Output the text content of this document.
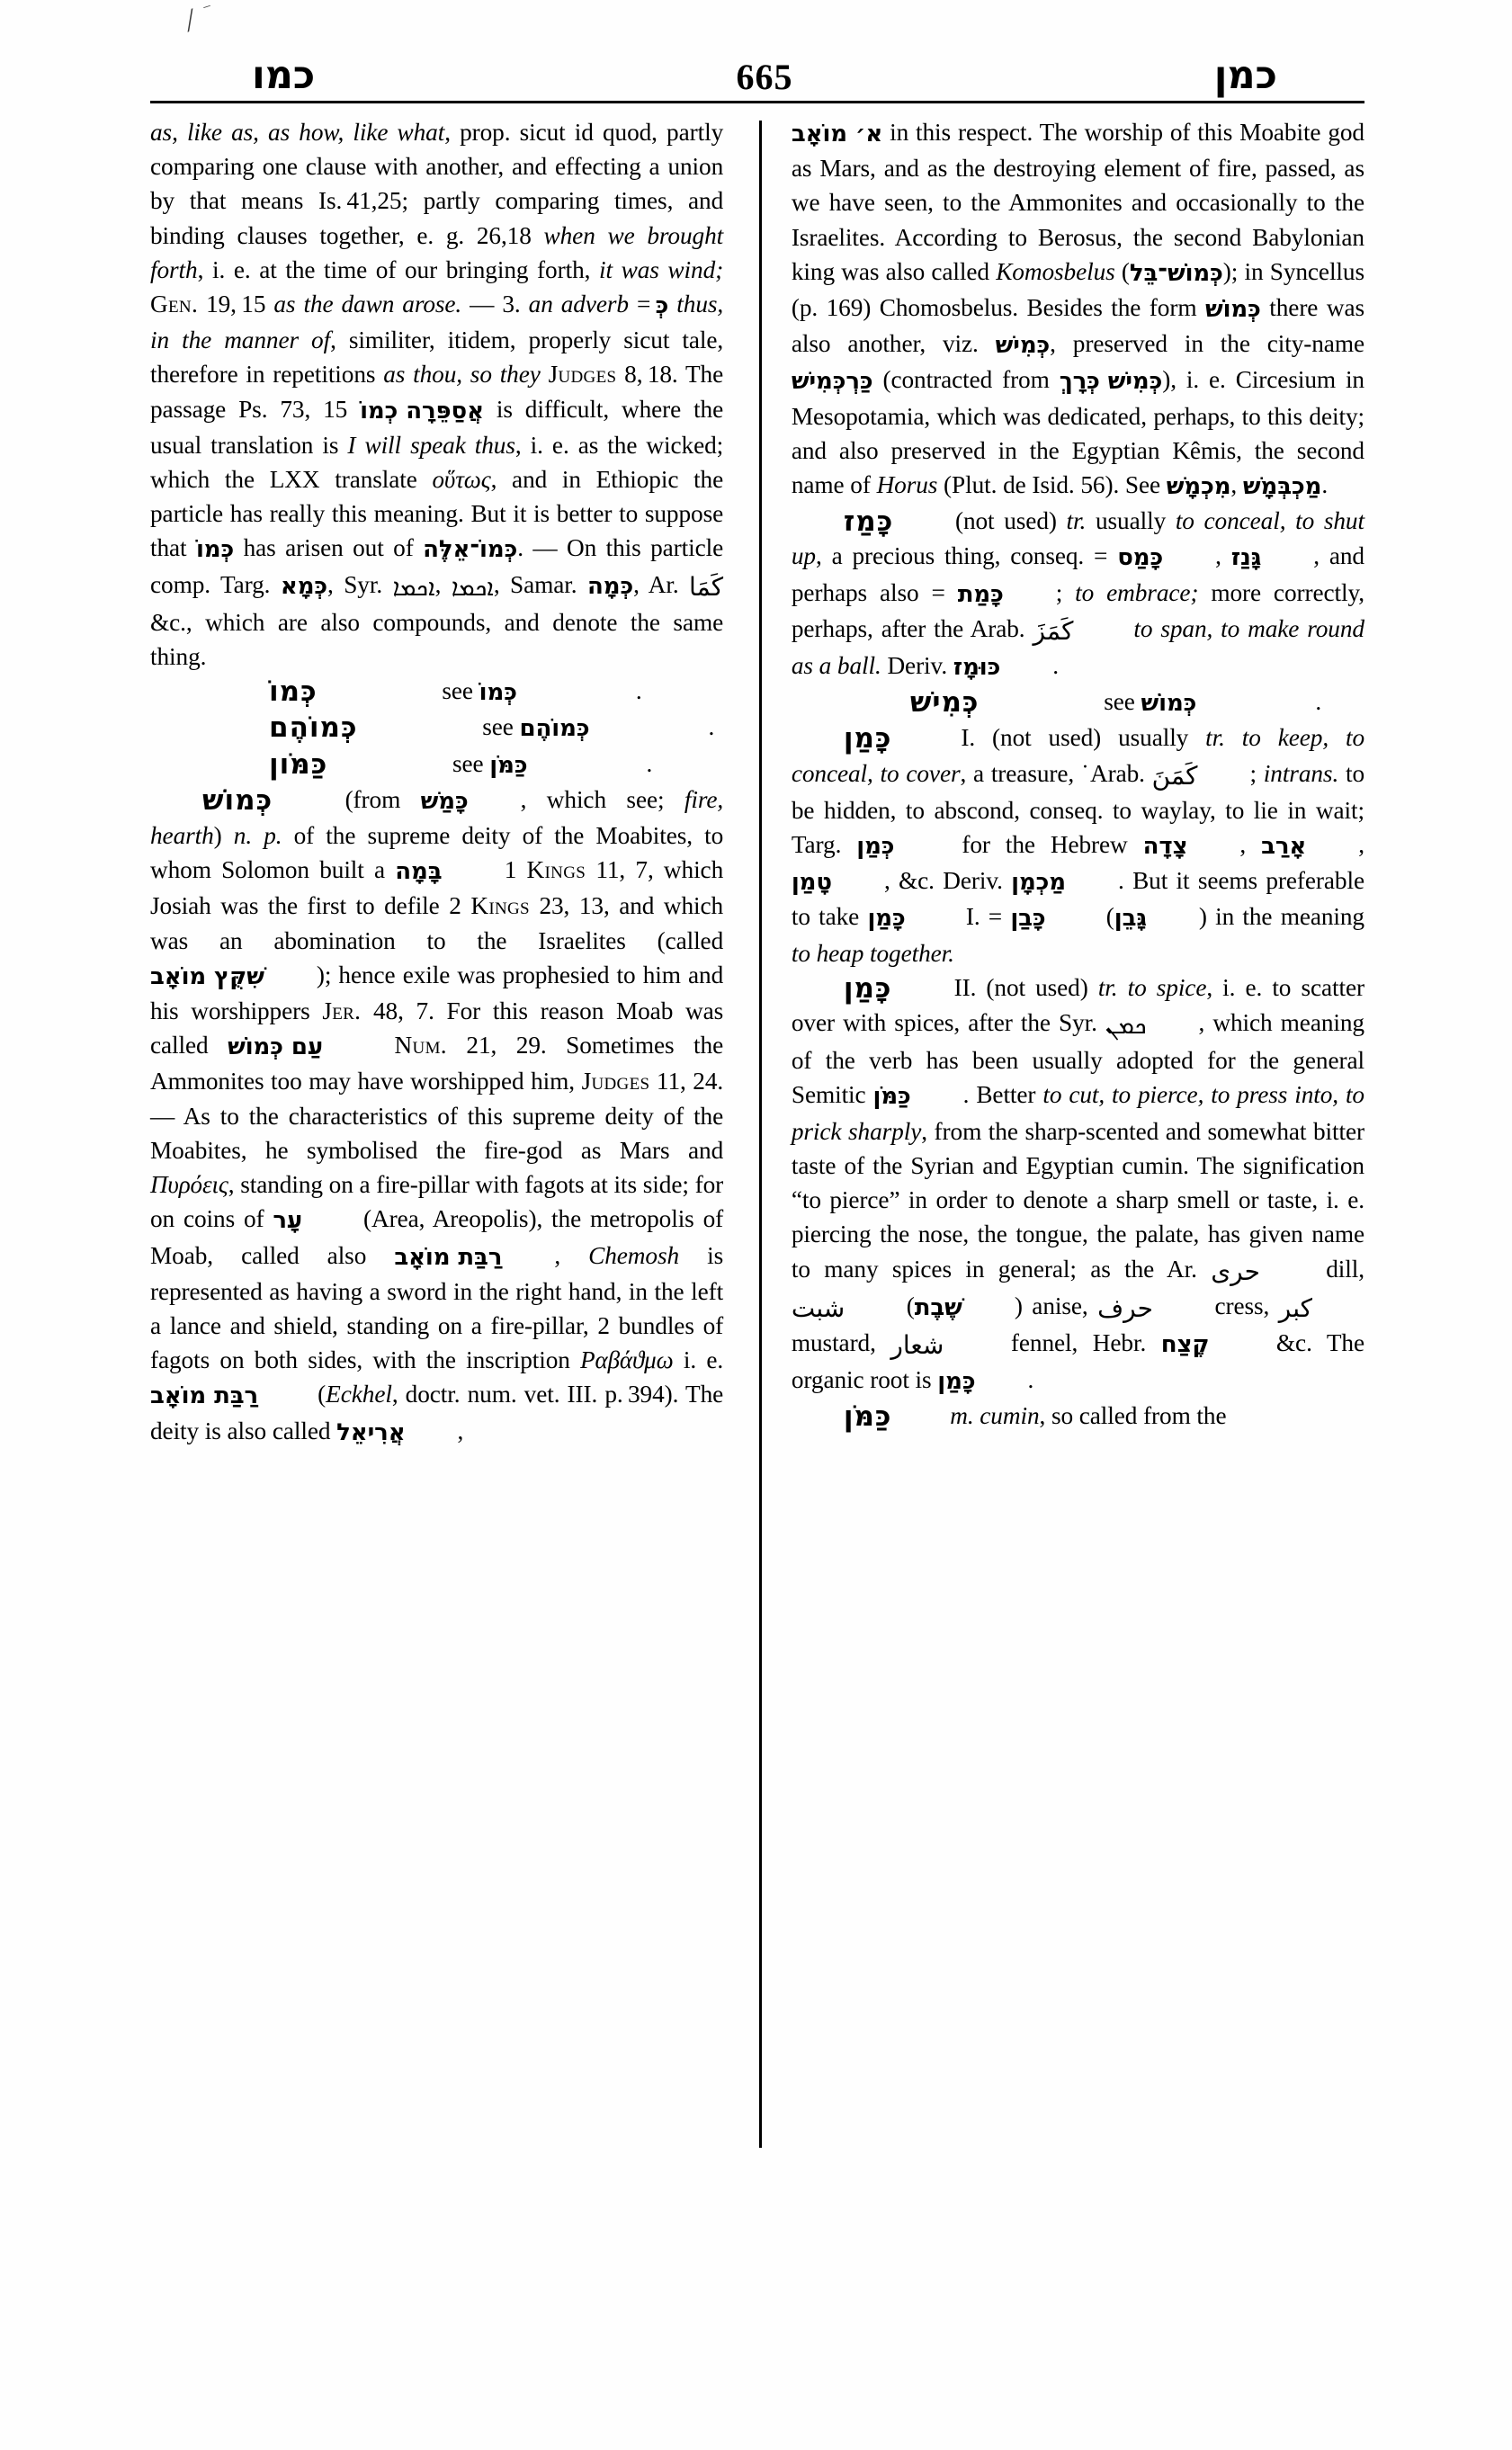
╱ ‾
כמו	665	כמן

as, like as, as how, like what, prop. sicut id quod, partly comparing one clause with another, and effecting a union by that means Is. 41,25; partly comparing times, and binding clauses together, e. g. 26,18 when we brought forth, i. e. at the time of our bringing forth, it was wind; Gen. 19, 15 as the dawn arose. — 3. an adverb = כְּ thus, in the manner of, similiter, itidem, properly sicut tale, therefore in repetitions as thou, so they Judges 8, 18. The passage Ps. 73, 15 אֲסַפֵּרָה כְמוֹ is difficult, where the usual translation is I will speak thus, i. e. as the wicked; which the LXX translate οὕτως, and in Ethiopic the particle has really this meaning. But it is better to suppose that כְּמוֹ has arisen out of כְּמוֹ־אֵלֶּה. — On this particle comp. Targ. כְּמָא, Syr. ܐܟܡܐ, ܐܟܡܐ, Samar. כְּמָה, Ar. كَمَا &c., which are also compounds, and denote the same thing.

כְּמוֹ	see כְּמוֹ	.

כְּמוֹהֶם	see כְּמוֹהֶם	.

כַּמֹּון	see כַּמֹּן	.

כְּמוֹשׁ (from כָּמַשׁ , which see; fire, hearth) n. p. of the supreme deity of the Moabites, to whom Solomon built a בָּמָה 1 Kings 11, 7, which Josiah was the first to defile 2 Kings 23, 13, and which was an abomination to the Israelites (called שִׁקֻּץ מוֹאָב ); hence exile was prophesied to him and his worshippers Jer. 48, 7. For this reason Moab was called עַם כְּמוֹשׁ	Num. 21, 29. Sometimes the Ammonites too may have worshipped him, Judges 11, 24. — As to the characteristics of this supreme deity of the Moabites, he symbolised the fire-god as Mars and Πυρόεις, standing on a fire-pillar with fagots at its side; for on coins of עָר (Area, Areopolis), the metropolis of Moab, called also רַבַּת מוֹאָב , Chemosh is represented as having a sword in the right hand, in the left a lance and shield, standing on a fire-pillar, 2 bundles of fagots on both sides, with the inscription Ραβάϑμω i. e. רַבַּת מוֹאָב (Eckhel, doctr. num. vet. III. p. 394). The deity is also called אֲרִיאֵל ,

א׳ מוֹאָב in this respect. The worship of this Moabite god as Mars, and as the destroying element of fire, passed, as we have seen, to the Ammonites and occasionally to the Israelites. According to Berosus, the second Babylonian king was also called Komosbelus (כְּמוֹשׁ־בֵּל); in Syncellus (p. 169) Chomosbelus. Besides the form כְּמוֹשׁ there was also another, viz. כְּמִישׁ, preserved in the city-name כַּרְכְּמִישׁ (contracted from כְּמִישׁ כְּרָךְ), i. e. Circesium in Mesopotamia, which was dedicated, perhaps, to this deity; and also preserved in the Egyptian Kêmis, the second name of Horus (Plut. de Isid. 56). See מִכְמָשׁ, מַכְבְּמָשׁ.

כָּמַז (not used) tr. usually to conceal, to shut up, a precious thing, conseq. = כָּמַס , גָּנַז , and perhaps also = כָּמַת ; to embrace; more correctly, perhaps, after the Arab. كَمَزَ to span, to make round as a ball. Deriv. כּוּמָז .

כְּמִישׁ	see כְּמוֹשׁ	.

כָּמַן I. (not used) usually tr. to keep, to conceal, to cover, a treasure, ˙Arab. كَمَنَ ; intrans. to be hidden, to abscond, conseq. to waylay, to lie in wait; Targ. כְּמַן for the Hebrew צָדָה , אָרַב , טָמַן , &c. Deriv. מַכְמָן . But it seems preferable to take כָּמַן I. = כָּבַן (גָּבֵן ) in the meaning to heap together.

כָּמַן II. (not used) tr. to spice, i. e. to scatter over with spices, after the Syr. ܟܡܢ , which meaning of the verb has been usually adopted for the general Semitic כַּמֹּן . Better to cut, to pierce, to press into, to prick sharply, from the sharp-scented and somewhat bitter taste of the Syrian and Egyptian cumin. The signification “to pierce” in order to denote a sharp smell or taste, i. e. piercing the nose, the tongue, the palate, has given name to many spices in general; as the Ar. حرى dill, شبت (שֶׁבֶת ) anise, حرف cress, كبر mustard, شعار fennel, Hebr. קֶצַח &c. The organic root is כָּמַן .

כַּמֹּן m. cumin, so called from the
